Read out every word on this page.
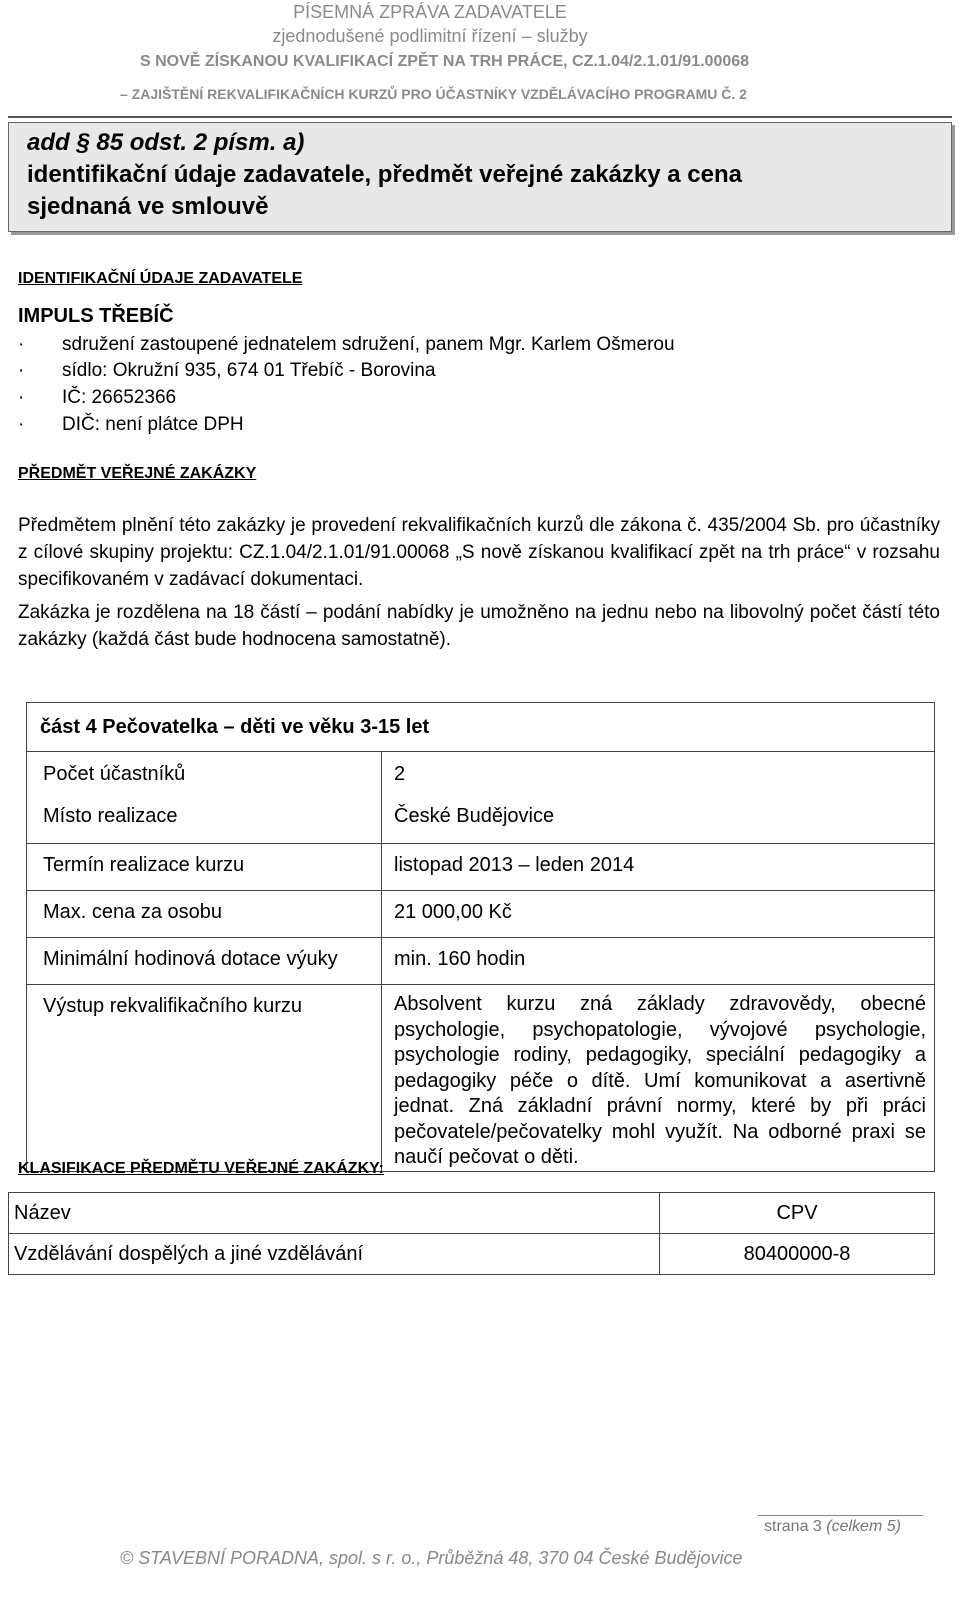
PÍSEMNÁ ZPRÁVA ZADAVATELE
zjednodušené podlimitní řízení – služby
S NOVĚ ZÍSKANOU KVALIFIKACÍ ZPĚT NA TRH PRÁCE, CZ.1.04/2.1.01/91.00068
– ZAJIŠTĚNÍ REKVALIFIKAČNÍCH KURZŮ PRO ÚČASTNÍKY VZDĚLÁVACÍHO PROGRAMU Č. 2
add § 85 odst. 2 písm. a)
identifikační údaje zadavatele, předmět veřejné zakázky a cena
sjednaná ve smlouvě
IDENTIFIKAČNÍ ÚDAJE ZADAVATELE
IMPULS TŘEBÍČ
· sdružení zastoupené jednatelem sdružení, panem Mgr. Karlem Ošmerou
· sídlo: Okružní 935, 674 01 Třebíč - Borovina
· IČ: 26652366
· DIČ: není plátce DPH
PŘEDMĚT VEŘEJNÉ ZAKÁZKY
Předmětem plnění této zakázky je provedení rekvalifikačních kurzů dle zákona č. 435/2004 Sb. pro účastníky z cílové skupiny projektu: CZ.1.04/2.1.01/91.00068 „S nově získanou kvalifikací zpět na trh práce“ v rozsahu specifikovaném v zadávací dokumentaci.
Zakázka je rozdělena na 18 částí – podání nabídky je umožněno na jednu nebo na libovolný počet částí této zakázky (každá část bude hodnocena samostatně).
část 4 Pečovatelka – děti ve věku 3-15 let	

Počet účastníků	2

Místo realizace	České Budějovice

Termín realizace kurzu	listopad 2013 – leden 2014

Max. cena za osobu	21 000,00 Kč

Minimální hodinová dotace výuky	min. 160 hodin

Výstup rekvalifikačního kurzu	Absolvent kurzu zná základy zdravovědy, obecné psychologie, psychopatologie, vývojové psychologie, psychologie rodiny, pedagogiky, speciální pedagogiky a pedagogiky péče o dítě. Umí komunikovat a asertivně jednat. Zná základní právní normy, které by při práci pečovatele/pečovatelky mohl využít. Na odborné praxi se naučí pečovat o děti.
KLASIFIKACE PŘEDMĚTU VEŘEJNÉ ZAKÁZKY:
Název	CPV

Vzdělávání dospělých a jiné vzdělávání	80400000-8
strana 3 (celkem 5)
© STAVEBNÍ PORADNA, spol. s r. o., Průběžná 48, 370 04 České Budějovice
